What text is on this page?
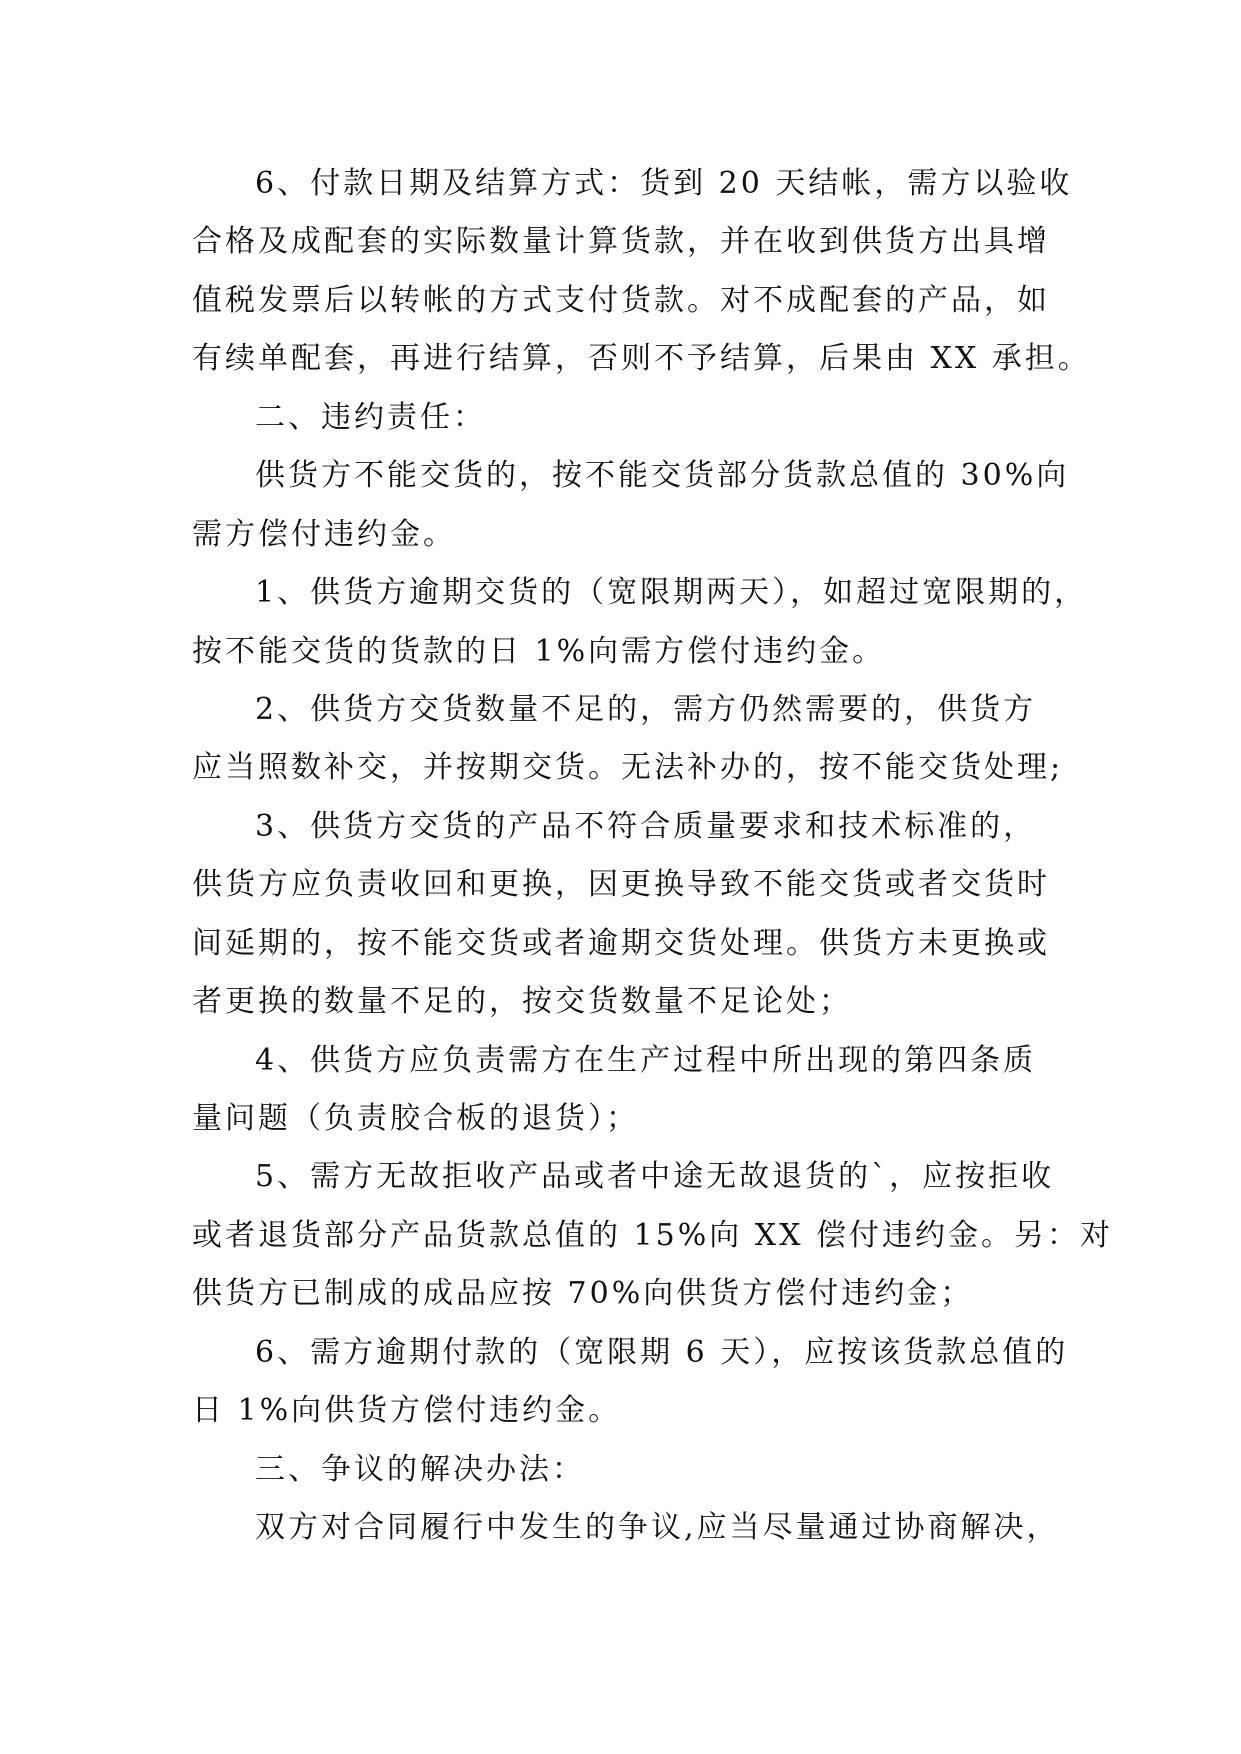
6、付款日期及结算方式：货到 20 天结帐，需方以验收
合格及成配套的实际数量计算货款，并在收到供货方出具增
值税发票后以转帐的方式支付货款。对不成配套的产品，如
有续单配套，再进行结算，否则不予结算，后果由 XX 承担。
二、违约责任：
供货方不能交货的，按不能交货部分货款总值的 30%向
需方偿付违约金。
1、供货方逾期交货的（宽限期两天），如超过宽限期的，
按不能交货的货款的日 1%向需方偿付违约金。
2、供货方交货数量不足的，需方仍然需要的，供货方
应当照数补交，并按期交货。无法补办的，按不能交货处理;
3、供货方交货的产品不符合质量要求和技术标准的，
供货方应负责收回和更换，因更换导致不能交货或者交货时
间延期的，按不能交货或者逾期交货处理。供货方未更换或
者更换的数量不足的，按交货数量不足论处；
4、供货方应负责需方在生产过程中所出现的第四条质
量问题（负责胶合板的退货）；
5、需方无故拒收产品或者中途无故退货的`，应按拒收
或者退货部分产品货款总值的 15%向 XX 偿付违约金。另：对
供货方已制成的成品应按 70%向供货方偿付违约金；
6、需方逾期付款的（宽限期 6 天），应按该货款总值的
日 1%向供货方偿付违约金。
三、争议的解决办法：
双方对合同履行中发生的争议,应当尽量通过协商解决，
